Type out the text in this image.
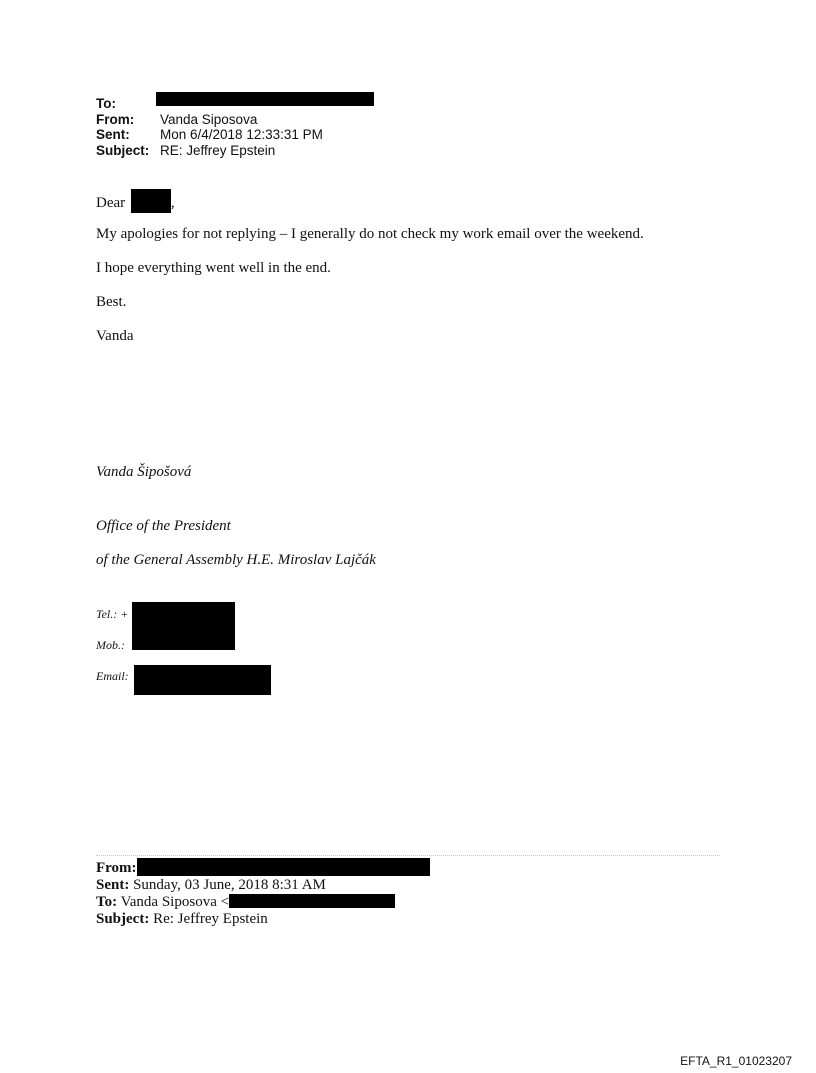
To:
From:	Vanda Siposova
Sent:	Mon 6/4/2018 12:33:31 PM
Subject: RE: Jeffrey Epstein
Dear	,
My apologies for not replying – I generally do not check my work email over the weekend.
I hope everything went well in the end.
Best.
Vanda
Vanda Šipošová
Office of the President
of the General Assembly H.E. Miroslav Lajčák
Tel.: +
Mob.:
Email:
From:
Sent: Sunday, 03 June, 2018 8:31 AM
To: Vanda Siposova <
Subject: Re: Jeffrey Epstein
EFTA_R1_01023207
